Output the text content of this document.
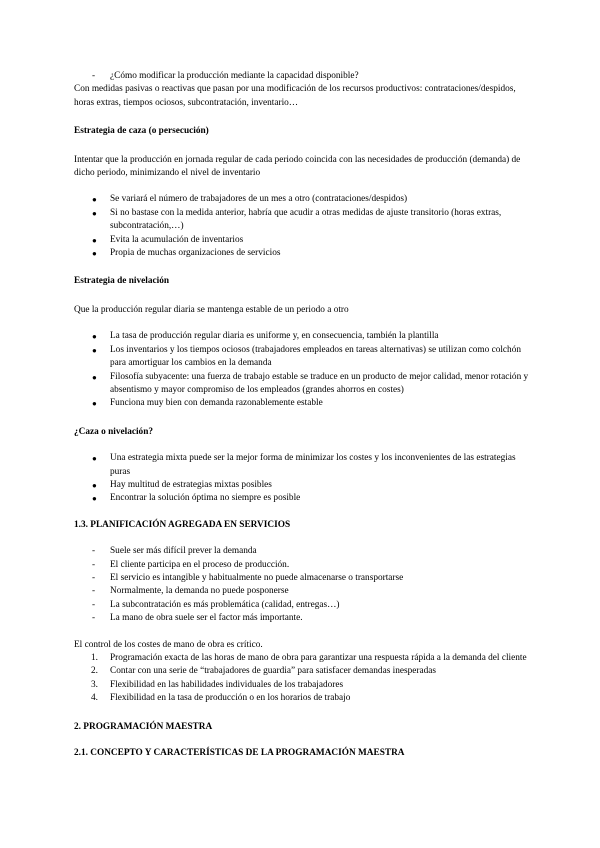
- ¿Cómo modificar la producción mediante la capacidad disponible?

Con medidas pasivas o reactivas que pasan por una modificación de los recursos productivos: contrataciones/despidos, horas extras, tiempos ociosos, subcontratación, inventario…

Estrategia de caza (o persecución)

Intentar que la producción en jornada regular de cada periodo coincida con las necesidades de producción (demanda) de dicho periodo, minimizando el nivel de inventario

● Se variará el número de trabajadores de un mes a otro (contrataciones/despidos)
● Si no bastase con la medida anterior, habría que acudir a otras medidas de ajuste transitorio (horas extras, subcontratación,…)
● Evita la acumulación de inventarios
● Propia de muchas organizaciones de servicios

Estrategia de nivelación

Que la producción regular diaria se mantenga estable de un periodo a otro

● La tasa de producción regular diaria es uniforme y, en consecuencia, también la plantilla
● Los inventarios y los tiempos ociosos (trabajadores empleados en tareas alternativas) se utilizan como colchón para amortiguar los cambios en la demanda
● Filosofía subyacente: una fuerza de trabajo estable se traduce en un producto de mejor calidad, menor rotación y absentismo y mayor compromiso de los empleados (grandes ahorros en costes)
● Funciona muy bien con demanda razonablemente estable

¿Caza o nivelación?

● Una estrategia mixta puede ser la mejor forma de minimizar los costes y los inconvenientes de las estrategias puras
● Hay multitud de estrategias mixtas posibles
● Encontrar la solución óptima no siempre es posible

1.3. PLANIFICACIÓN AGREGADA EN SERVICIOS

- Suele ser más difícil prever la demanda
- El cliente participa en el proceso de producción.
- El servicio es intangible y habitualmente no puede almacenarse o transportarse
- Normalmente, la demanda no puede posponerse
- La subcontratación es más problemática (calidad, entregas…)
- La mano de obra suele ser el factor más importante.

El control de los costes de mano de obra es crítico.

1. Programación exacta de las horas de mano de obra para garantizar una respuesta rápida a la demanda del cliente
2. Contar con una serie de “trabajadores de guardia” para satisfacer demandas inesperadas
3. Flexibilidad en las habilidades individuales de los trabajadores
4. Flexibilidad en la tasa de producción o en los horarios de trabajo

2. PROGRAMACIÓN MAESTRA

2.1. CONCEPTO Y CARACTERÍSTICAS DE LA PROGRAMACIÓN MAESTRA
